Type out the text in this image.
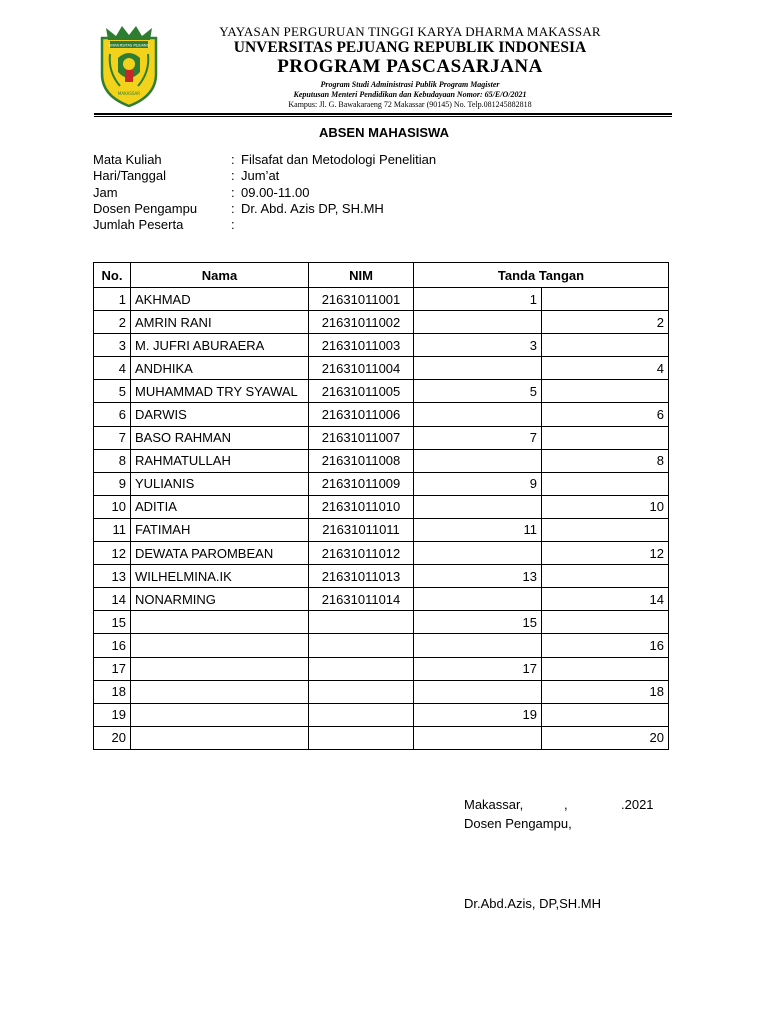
UNIVERSITAS PEJUANG
MAKASSAR
YAYASAN PERGURUAN TINGGI KARYA DHARMA MAKASSAR
UNVERSITAS PEJUANG REPUBLIK INDONESIA
PROGRAM PASCASARJANA
Program Studi Administrasi Publik Program Magister
Keputusan Menteri Pendidikan dan Kebudayaan Nomor: 65/E/O/2021
Kampus: Jl. G. Bawakaraeng 72 Makassar (90145) No. Telp.081245882818
ABSEN MAHASISWA
Mata Kuliah	: Filsafat dan Metodologi Penelitian
Hari/Tanggal	: Jum’at
Jam	: 09.00-11.00
Dosen Pengampu	: Dr. Abd. Azis DP, SH.MH
Jumlah Peserta	:
No.	Nama	NIM	Tanda Tangan	
1	AKHMAD	21631011001	1	
2	AMRIN RANI	21631011002		2
3	M. JUFRI ABURAERA	21631011003	3	
4	ANDHIKA	21631011004		4
5	MUHAMMAD TRY SYAWAL	21631011005	5	
6	DARWIS	21631011006		6
7	BASO RAHMAN	21631011007	7	
8	RAHMATULLAH	21631011008		8
9	YULIANIS	21631011009	9	
10	ADITIA	21631011010		10
11	FATIMAH	21631011011	11	
12	DEWATA PAROMBEAN	21631011012		12
13	WILHELMINA.IK	21631011013	13	
14	NONARMING	21631011014		14
15			15	
16				16
17			17	
18				18
19			19	
20				20
Makassar,	,	.2021
Dosen Pengampu,
Dr.Abd.Azis, DP,SH.MH
